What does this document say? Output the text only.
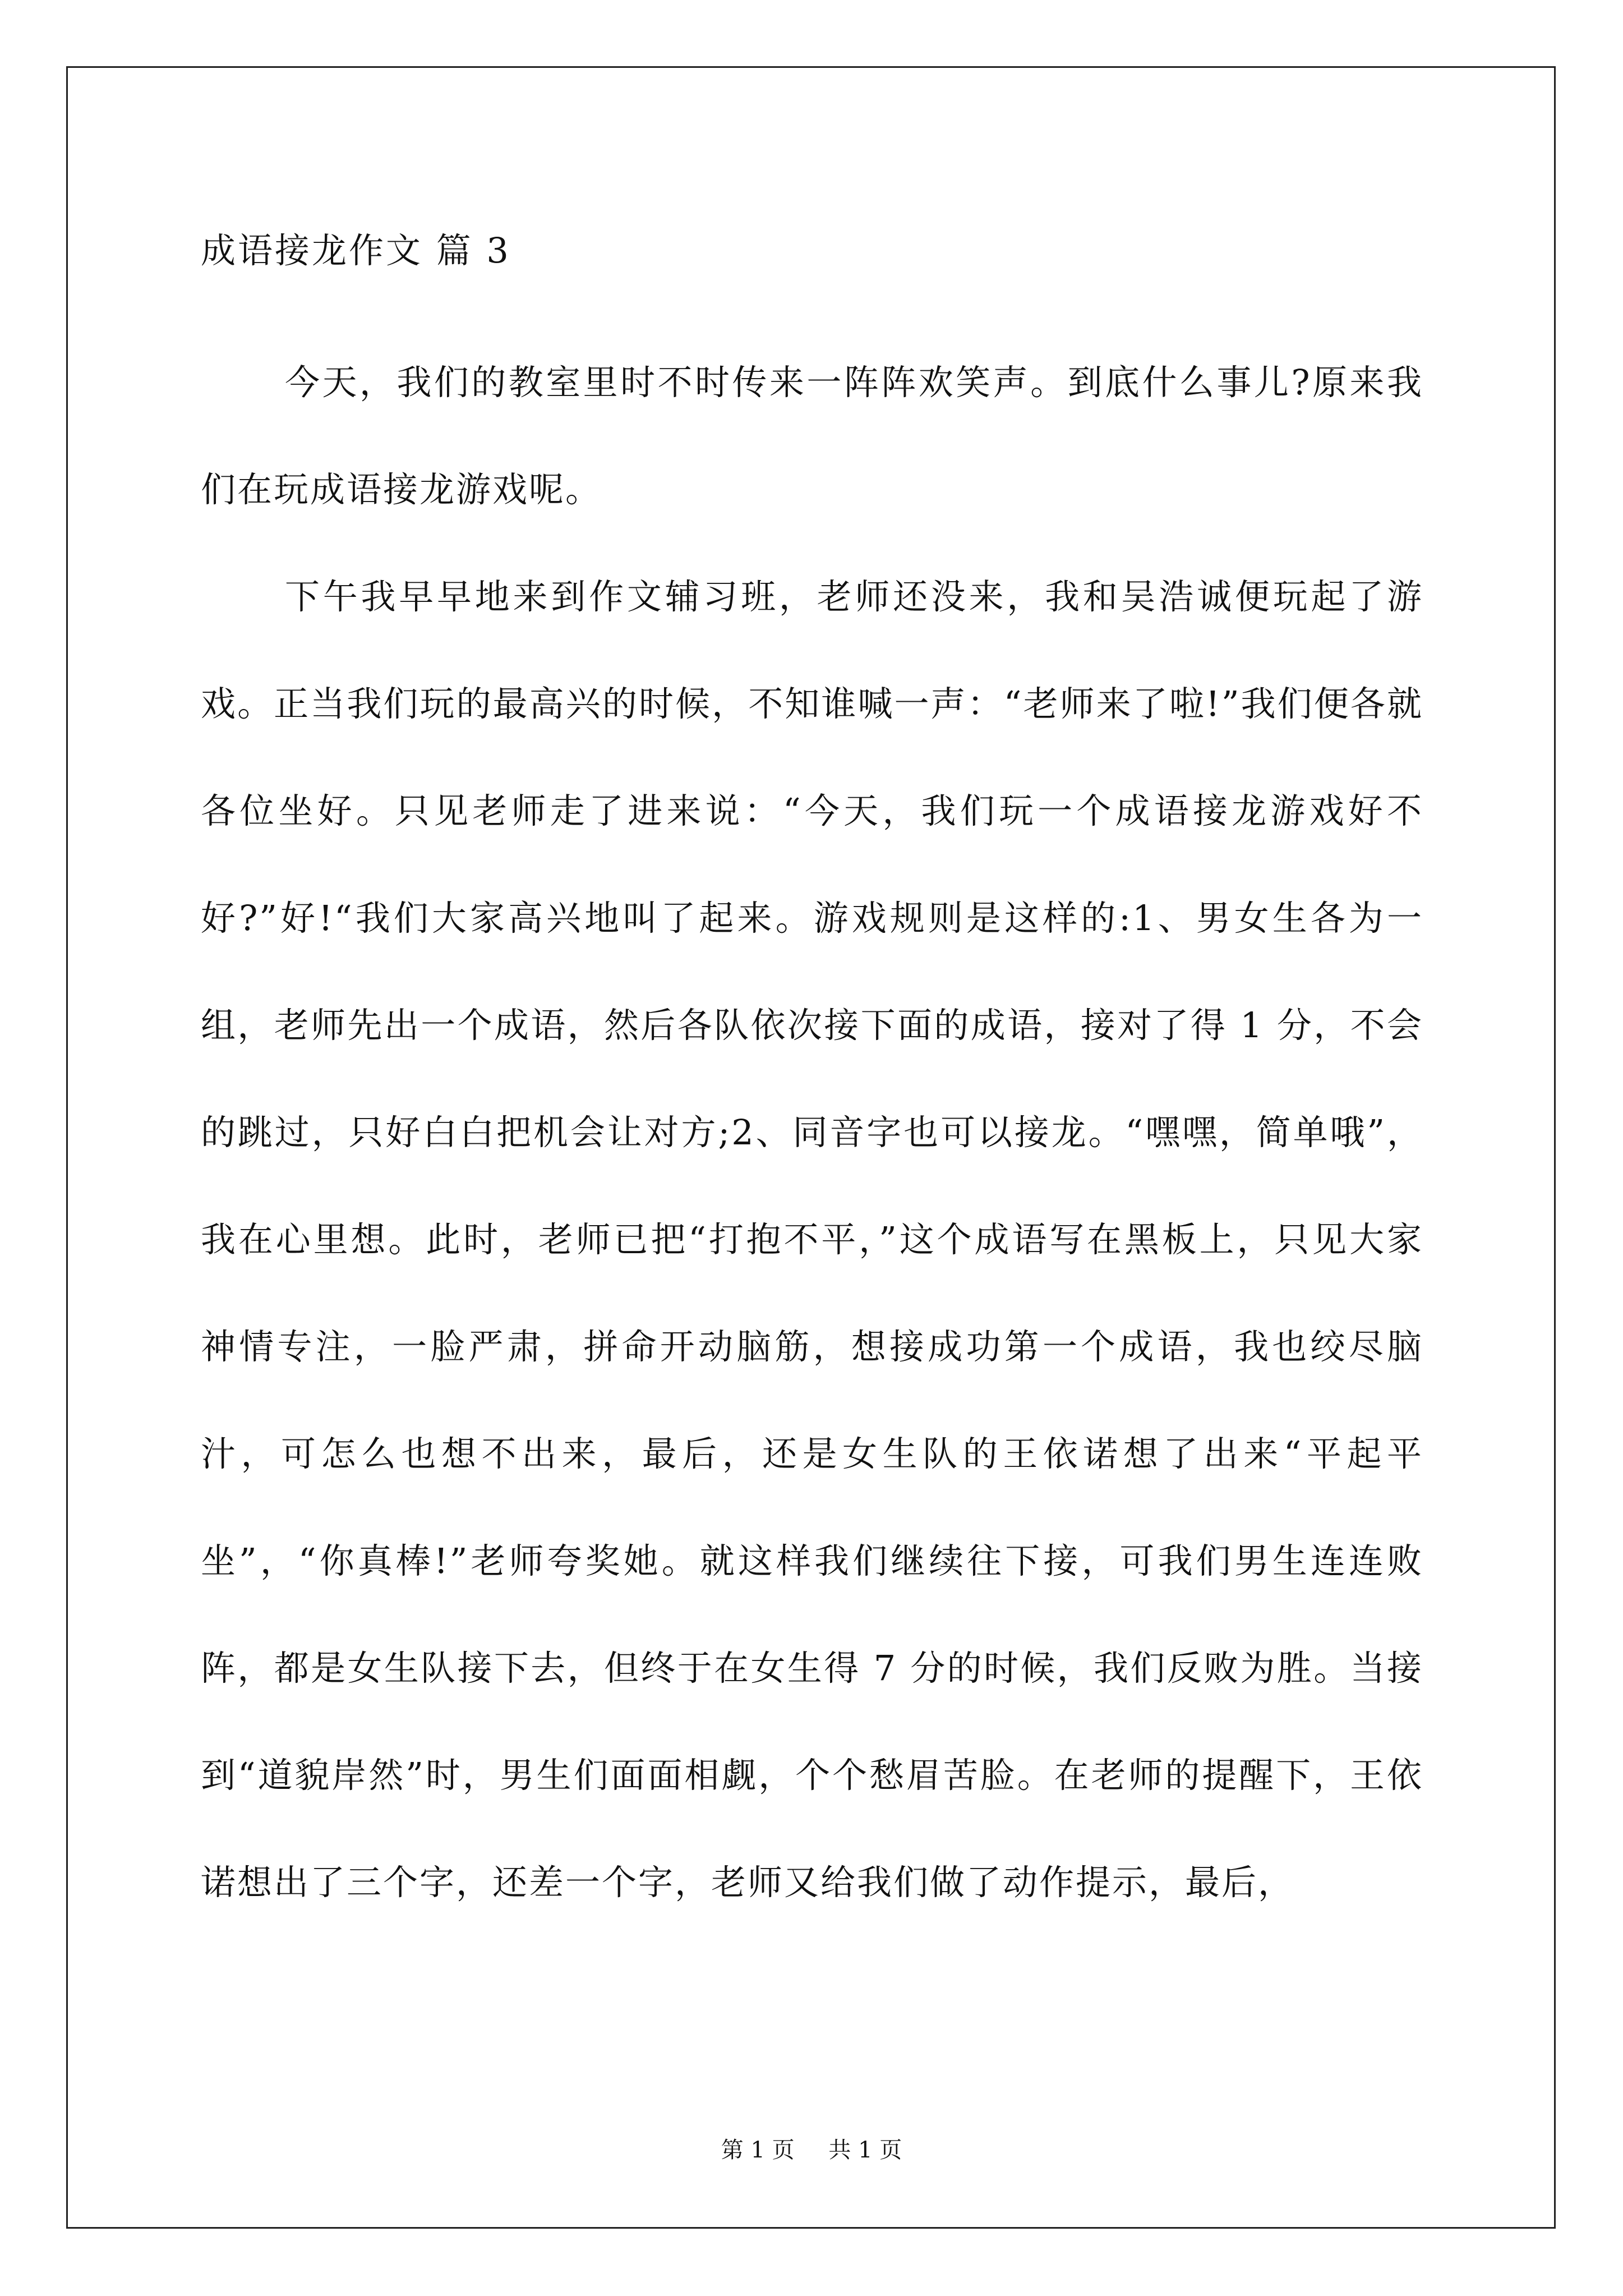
成语接龙作文 篇 3

今天，我们的教室里时不时传来一阵阵欢笑声。到底什么事儿?原来我们在玩成语接龙游戏呢。

下午我早早地来到作文辅习班，老师还没来，我和吴浩诚便玩起了游戏。正当我们玩的最高兴的时候，不知谁喊一声：“老师来了啦!”我们便各就各位坐好。只见老师走了进来说：“今天，我们玩一个成语接龙游戏好不好?”好!“我们大家高兴地叫了起来。游戏规则是这样的:1、男女生各为一组，老师先出一个成语，然后各队依次接下面的成语，接对了得 1 分，不会的跳过，只好白白把机会让对方;2、同音字也可以接龙。“嘿嘿，简单哦”，我在心里想。此时，老师已把“打抱不平，”这个成语写在黑板上，只见大家神情专注，一脸严肃，拼命开动脑筋，想接成功第一个成语，我也绞尽脑汁，可怎么也想不出来，最后，还是女生队的王依诺想了出来“平起平坐”，“你真棒!”老师夸奖她。就这样我们继续往下接，可我们男生连连败阵，都是女生队接下去，但终于在女生得 7 分的时候，我们反败为胜。当接到“道貌岸然”时，男生们面面相觑，个个愁眉苦脸。在老师的提醒下，王依诺想出了三个字，还差一个字，老师又给我们做了动作提示，最后，

第 1 页 共 1 页
